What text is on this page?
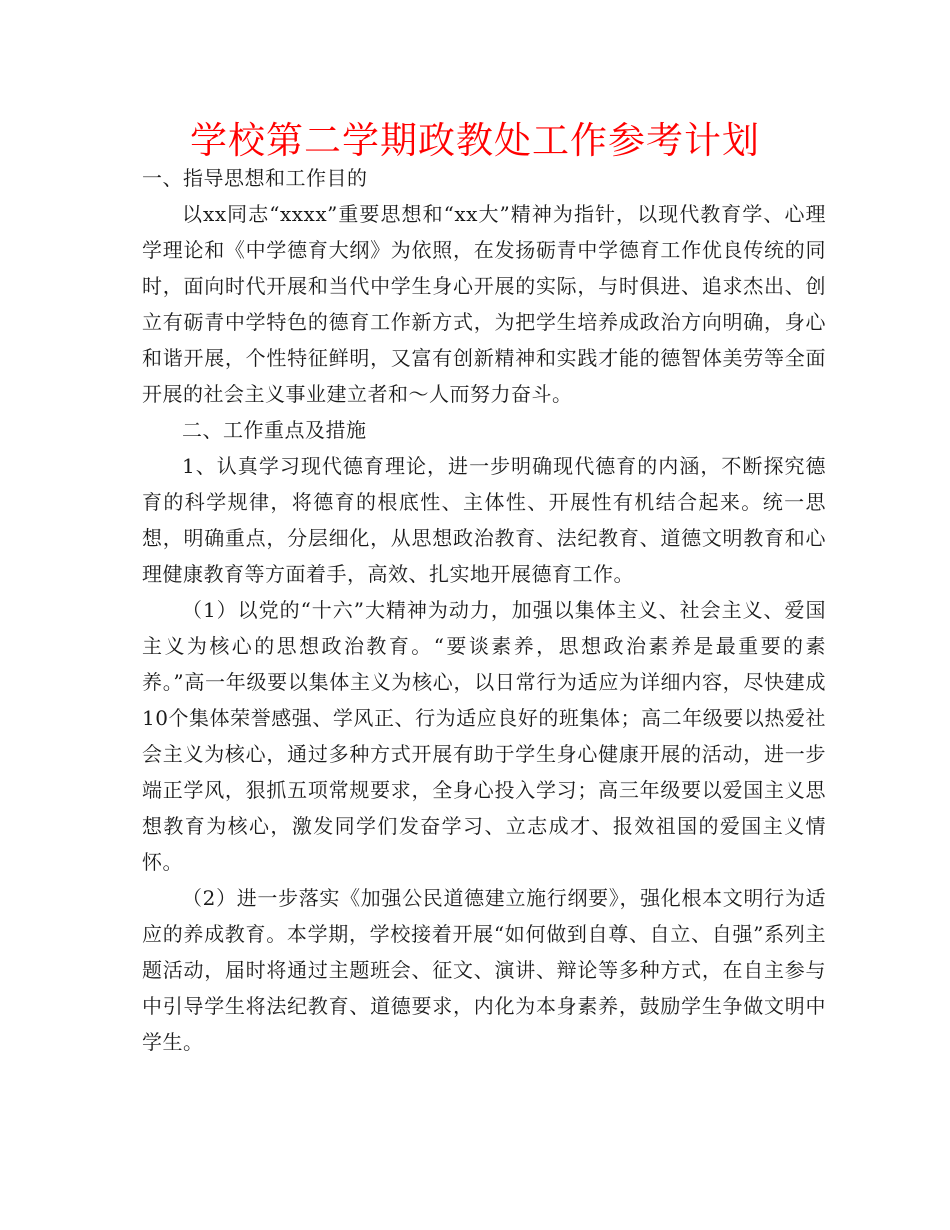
学校第二学期政教处工作参考计划

一、指导思想和工作目的

以xx同志“xxxx”重要思想和“xx大”精神为指针，以现代教育学、心理学理论和《中学德育大纲》为依照，在发扬砺青中学德育工作优良传统的同时，面向时代开展和当代中学生身心开展的实际，与时俱进、追求杰出、创立有砺青中学特色的德育工作新方式，为把学生培养成政治方向明确，身心和谐开展，个性特征鲜明，又富有创新精神和实践才能的德智体美劳等全面开展的社会主义事业建立者和～人而努力奋斗。

二、工作重点及措施

1、认真学习现代德育理论，进一步明确现代德育的内涵，不断探究德育的科学规律，将德育的根底性、主体性、开展性有机结合起来。统一思想，明确重点，分层细化，从思想政治教育、法纪教育、道德文明教育和心理健康教育等方面着手，高效、扎实地开展德育工作。

（1）以党的“十六”大精神为动力，加强以集体主义、社会主义、爱国主义为核心的思想政治教育。“要谈素养，思想政治素养是最重要的素养。”高一年级要以集体主义为核心，以日常行为适应为详细内容，尽快建成10个集体荣誉感强、学风正、行为适应良好的班集体；高二年级要以热爱社会主义为核心，通过多种方式开展有助于学生身心健康开展的活动，进一步端正学风，狠抓五项常规要求，全身心投入学习；高三年级要以爱国主义思想教育为核心，激发同学们发奋学习、立志成才、报效祖国的爱国主义情怀。

（2）进一步落实《加强公民道德建立施行纲要》，强化根本文明行为适应的养成教育。本学期，学校接着开展“如何做到自尊、自立、自强”系列主题活动，届时将通过主题班会、征文、演讲、辩论等多种方式，在自主参与中引导学生将法纪教育、道德要求，内化为本身素养，鼓励学生争做文明中学生。
